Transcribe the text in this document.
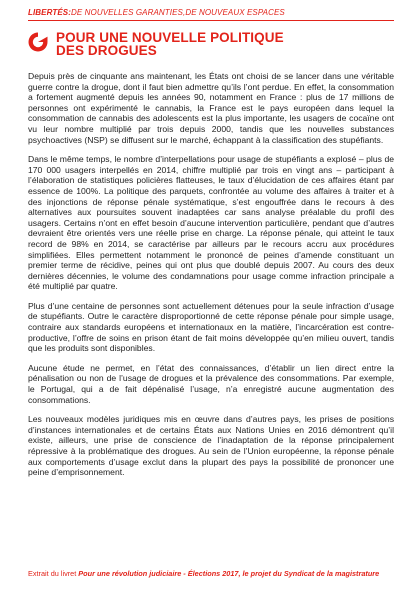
LIBERTÉS : DE NOUVELLES GARANTIES,DE NOUVEAUX ESPACES
POUR UNE NOUVELLE POLITIQUE
DES DROGUES

Depuis près de cinquante ans maintenant, les États ont choisi de se lancer dans une véritable guerre contre la drogue, dont il faut bien admettre qu’ils l’ont perdue. En effet, la consommation a fortement augmenté depuis les années 90, notamment en France : plus de 17 millions de personnes ont expérimenté le cannabis, la France est le pays européen dans lequel la consommation de cannabis des adolescents est la plus importante, les usagers de cocaïne ont vu leur nombre multiplié par trois depuis 2000, tandis que les nouvelles substances psychoactives (NSP) se diffusent sur le marché, échappant à la classification des stupéfiants.

Dans le même temps, le nombre d’interpellations pour usage de stupéfiants a explosé – plus de 170 000 usagers interpellés en 2014, chiffre multiplié par trois en vingt ans – participant à l’élaboration de statistiques policières flatteuses, le taux d’élucidation de ces affaires étant par essence de 100%. La politique des parquets, confrontée au volume des affaires à traiter et à des injonctions de réponse pénale systématique, s’est engouffrée dans le recours à des alternatives aux poursuites souvent inadaptées car sans analyse préalable du profil des usagers. Certains n’ont en effet besoin d’aucune intervention particulière, pendant que d’autres devraient être orientés vers une réelle prise en charge. La réponse pénale, qui atteint le taux record de 98% en 2014, se caractérise par ailleurs par le recours accru aux procédures simplifiées. Elles permettent notamment le prononcé de peines d’amende constituant un premier terme de récidive, peines qui ont plus que doublé depuis 2007. Au cours des deux dernières décennies, le volume des condamnations pour usage comme infraction principale a été multiplié par quatre.

Plus d’une centaine de personnes sont actuellement détenues pour la seule infraction d’usage de stupéfiants. Outre le caractère disproportionné de cette réponse pénale pour simple usage, contraire aux standards européens et internationaux en la matière, l’incarcération est contre-productive, l’offre de soins en prison étant de fait moins développée qu’en milieu ouvert, tandis que les produits sont disponibles.

Aucune étude ne permet, en l’état des connaissances, d’établir un lien direct entre la pénalisation ou non de l’usage de drogues et la prévalence des consommations. Par exemple, le Portugal, qui a de fait dépénalisé l’usage, n’a enregistré aucune augmentation des consommations.

Les nouveaux modèles juridiques mis en œuvre dans d’autres pays, les prises de positions d’instances internationales et de certains États aux Nations Unies en 2016 démontrent qu’il existe, ailleurs, une prise de conscience de l’inadaptation de la réponse principalement répressive à la problématique des drogues. Au sein de l’Union européenne, la réponse pénale aux comportements d’usage exclut dans la plupart des pays la possibilité de prononcer une peine d’emprisonnement.

Extrait du livret Pour une révolution judiciaire - Élections 2017, le projet du Syndicat de la magistrature
